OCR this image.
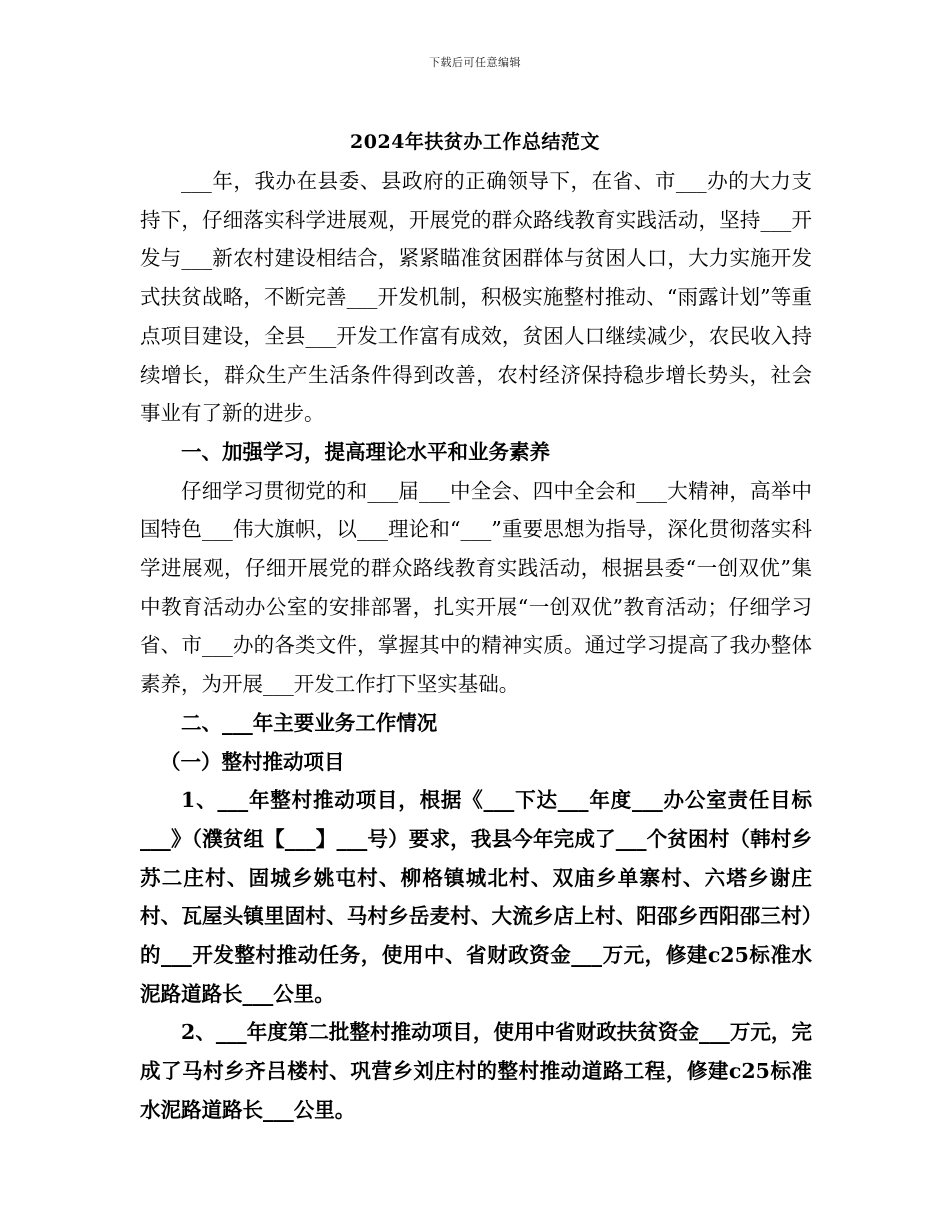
下载后可任意编辑
2024年扶贫办工作总结范文

___年，我办在县委、县政府的正确领导下，在省、市___办的大力支持下，仔细落实科学进展观，开展党的群众路线教育实践活动，坚持___开发与___新农村建设相结合，紧紧瞄准贫困群体与贫困人口，大力实施开发式扶贫战略，不断完善___开发机制，积极实施整村推动、“雨露计划”等重点项目建设，全县___开发工作富有成效，贫困人口继续减少，农民收入持续增长，群众生产生活条件得到改善，农村经济保持稳步增长势头，社会事业有了新的进步。

一、加强学习，提高理论水平和业务素养

仔细学习贯彻党的和___届___中全会、四中全会和___大精神，高举中国特色___伟大旗帜，以___理论和“___”重要思想为指导，深化贯彻落实科学进展观，仔细开展党的群众路线教育实践活动，根据县委“一创双优”集中教育活动办公室的安排部署，扎实开展“一创双优”教育活动；仔细学习省、市___办的各类文件，掌握其中的精神实质。通过学习提高了我办整体素养，为开展___开发工作打下坚实基础。

二、___年主要业务工作情况

（一）整村推动项目

1、___年整村推动项目，根据《___下达___年度___办公室责任目标___》（濮贫组【___】___号）要求，我县今年完成了___个贫困村（韩村乡苏二庄村、固城乡姚屯村、柳格镇城北村、双庙乡单寨村、六塔乡谢庄村、瓦屋头镇里固村、马村乡岳麦村、大流乡店上村、阳邵乡西阳邵三村）的___开发整村推动任务，使用中、省财政资金___万元，修建c25标准水泥路道路长___公里。

2、___年度第二批整村推动项目，使用中省财政扶贫资金___万元，完成了马村乡齐吕楼村、巩营乡刘庄村的整村推动道路工程，修建c25标准水泥路道路长___公里。
